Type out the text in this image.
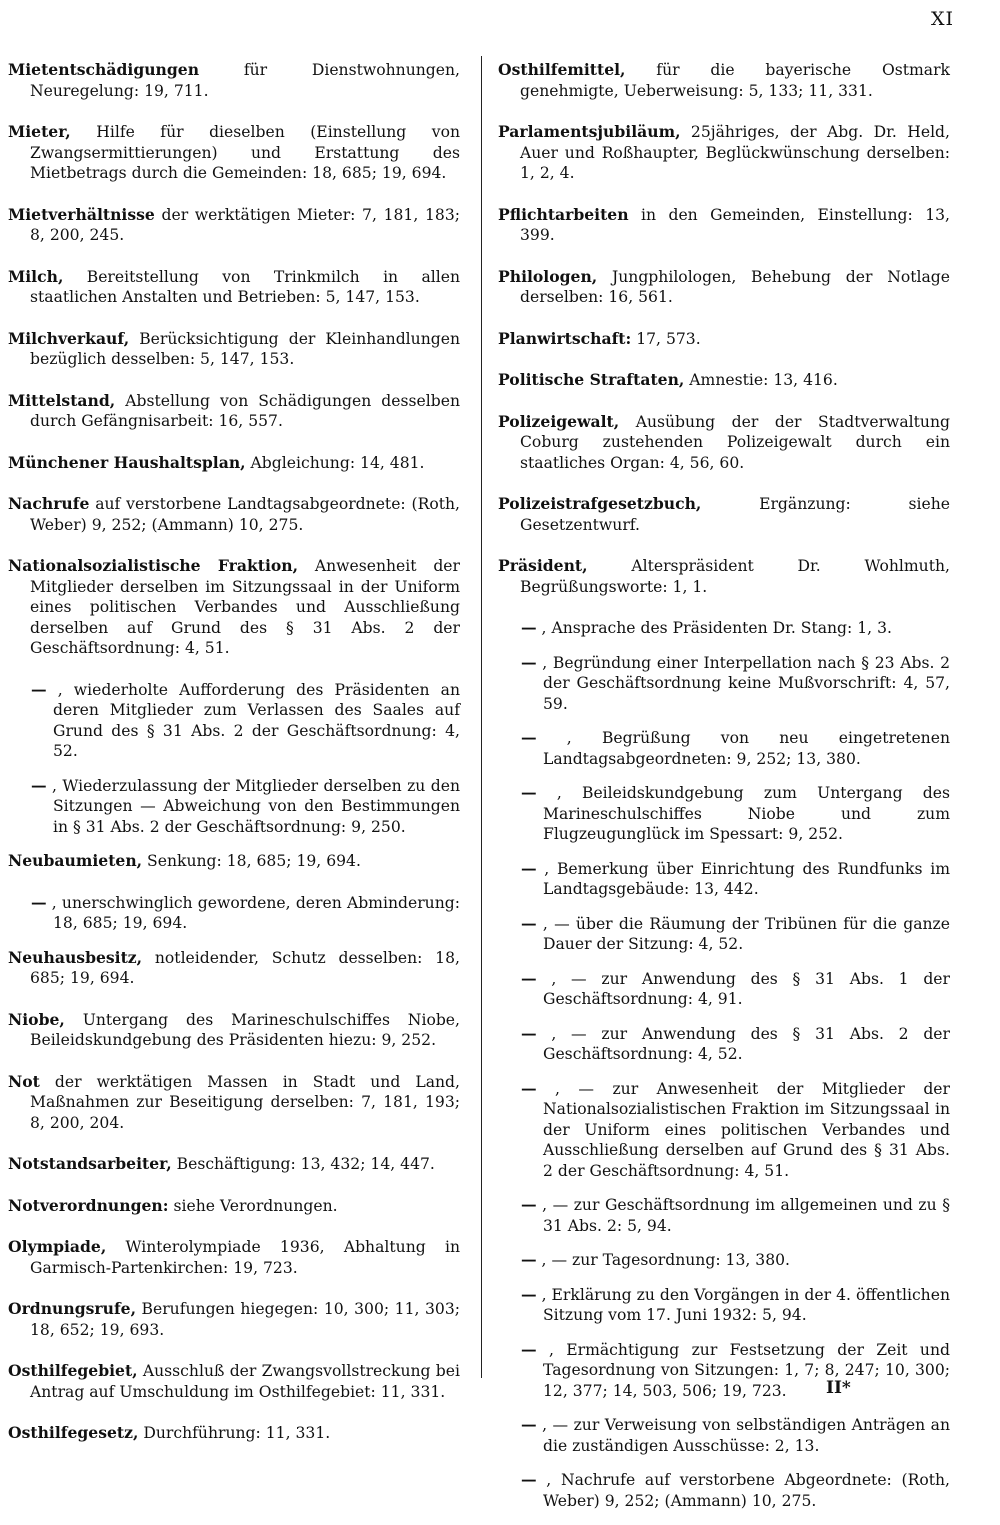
XI

Mietentschädigungen für Dienstwohnungen, Neuregelung: 19, 711.

Mieter, Hilfe für dieselben (Einstellung von Zwangsermittierungen) und Erstattung des Mietbetrags durch die Gemeinden: 18, 685; 19, 694.

Mietverhältnisse der werktätigen Mieter: 7, 181, 183; 8, 200, 245.

Milch, Bereitstellung von Trinkmilch in allen staatlichen Anstalten und Betrieben: 5, 147, 153.

Milchverkauf, Berücksichtigung der Kleinhandlungen bezüglich desselben: 5, 147, 153.

Mittelstand, Abstellung von Schädigungen desselben durch Gefängnisarbeit: 16, 557.

Münchener Haushaltsplan, Abgleichung: 14, 481.

Nachrufe auf verstorbene Landtagsabgeordnete: (Roth, Weber) 9, 252; (Ammann) 10, 275.

Nationalsozialistische Fraktion, Anwesenheit der Mitglieder derselben im Sitzungssaal in der Uniform eines politischen Verbandes und Ausschließung derselben auf Grund des § 31 Abs. 2 der Geschäftsordnung: 4, 51.

— , wiederholte Aufforderung des Präsidenten an deren Mitglieder zum Verlassen des Saales auf Grund des § 31 Abs. 2 der Geschäftsordnung: 4, 52.

— , Wiederzulassung der Mitglieder derselben zu den Sitzungen — Abweichung von den Bestimmungen in § 31 Abs. 2 der Geschäftsordnung: 9, 250.

Neubaumieten, Senkung: 18, 685; 19, 694.

— , unerschwinglich gewordene, deren Abminderung: 18, 685; 19, 694.

Neuhausbesitz, notleidender, Schutz desselben: 18, 685; 19, 694.

Niobe, Untergang des Marineschulschiffes Niobe, Beileidskundgebung des Präsidenten hiezu: 9, 252.

Not der werktätigen Massen in Stadt und Land, Maßnahmen zur Beseitigung derselben: 7, 181, 193; 8, 200, 204.

Notstandsarbeiter, Beschäftigung: 13, 432; 14, 447.

Notverordnungen: siehe Verordnungen.

Olympiade, Winterolympiade 1936, Abhaltung in Garmisch-Partenkirchen: 19, 723.

Ordnungsrufe, Berufungen hiegegen: 10, 300; 11, 303; 18, 652; 19, 693.

Osthilfegebiet, Ausschluß der Zwangsvollstreckung bei Antrag auf Umschuldung im Osthilfegebiet: 11, 331.

Osthilfegesetz, Durchführung: 11, 331.

Osthilfemittel, für die bayerische Ostmark genehmigte, Ueberweisung: 5, 133; 11, 331.

Parlamentsjubiläum, 25jähriges, der Abg. Dr. Held, Auer und Roßhaupter, Beglückwünschung derselben: 1, 2, 4.

Pflichtarbeiten in den Gemeinden, Einstellung: 13, 399.

Philologen, Jungphilologen, Behebung der Notlage derselben: 16, 561.

Planwirtschaft: 17, 573.

Politische Straftaten, Amnestie: 13, 416.

Polizeigewalt, Ausübung der der Stadtverwaltung Coburg zustehenden Polizeigewalt durch ein staatliches Organ: 4, 56, 60.

Polizeistrafgesetzbuch, Ergänzung: siehe Gesetzentwurf.

Präsident, Alterspräsident Dr. Wohlmuth, Begrüßungsworte: 1, 1.

— , Ansprache des Präsidenten Dr. Stang: 1, 3.

— , Begründung einer Interpellation nach § 23 Abs. 2 der Geschäftsordnung keine Mußvorschrift: 4, 57, 59.

— , Begrüßung von neu eingetretenen Landtagsabgeordneten: 9, 252; 13, 380.

— , Beileidskundgebung zum Untergang des Marineschulschiffes Niobe und zum Flugzeugunglück im Spessart: 9, 252.

— , Bemerkung über Einrichtung des Rundfunks im Landtagsgebäude: 13, 442.

— , — über die Räumung der Tribünen für die ganze Dauer der Sitzung: 4, 52.

— , — zur Anwendung des § 31 Abs. 1 der Geschäftsordnung: 4, 91.

— , — zur Anwendung des § 31 Abs. 2 der Geschäftsordnung: 4, 52.

— , — zur Anwesenheit der Mitglieder der Nationalsozialistischen Fraktion im Sitzungssaal in der Uniform eines politischen Verbandes und Ausschließung derselben auf Grund des § 31 Abs. 2 der Geschäftsordnung: 4, 51.

— , — zur Geschäftsordnung im allgemeinen und zu § 31 Abs. 2: 5, 94.

— , — zur Tagesordnung: 13, 380.

— , Erklärung zu den Vorgängen in der 4. öffentlichen Sitzung vom 17. Juni 1932: 5, 94.

— , Ermächtigung zur Festsetzung der Zeit und Tagesordnung von Sitzungen: 1, 7; 8, 247; 10, 300; 12, 377; 14, 503, 506; 19, 723.

— , — zur Verweisung von selbständigen Anträgen an die zuständigen Ausschüsse: 2, 13.

— , Nachrufe auf verstorbene Abgeordnete: (Roth, Weber) 9, 252; (Ammann) 10, 275.

II*
